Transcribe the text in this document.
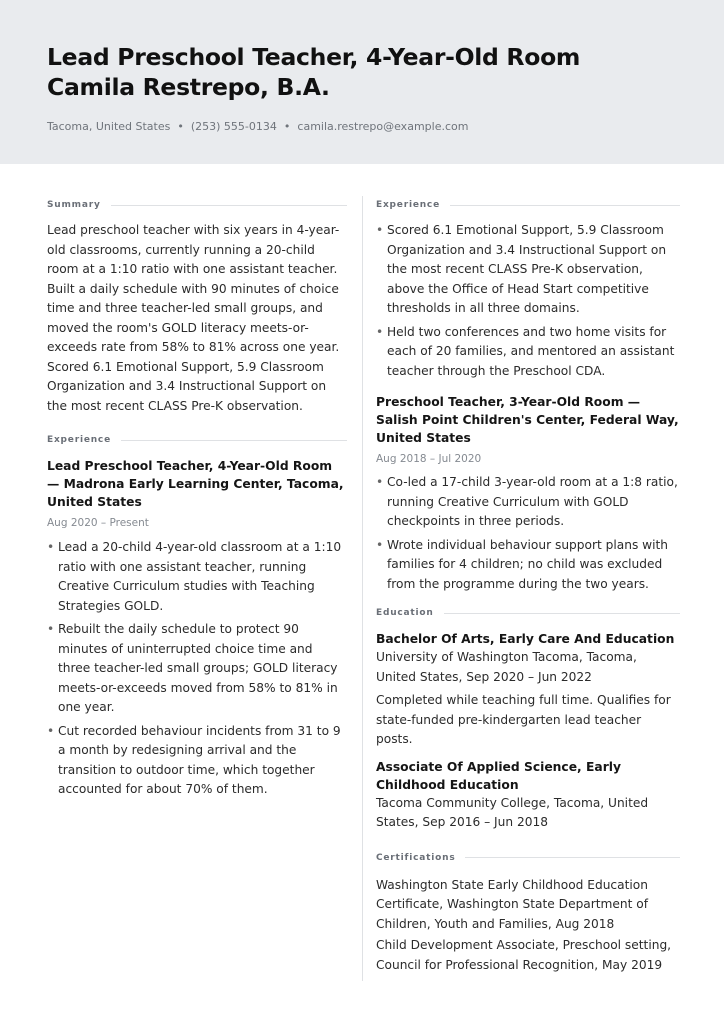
Lead Preschool Teacher, 4-Year-Old Room
Camila Restrepo, B.A.
Tacoma, United States • (253) 555-0134 • camila.restrepo@example.com
Summary
Lead preschool teacher with six years in 4-year-old classrooms, currently running a 20-child room at a 1:10 ratio with one assistant teacher. Built a daily schedule with 90 minutes of choice time and three teacher-led small groups, and moved the room's GOLD literacy meets-or-exceeds rate from 58% to 81% across one year. Scored 6.1 Emotional Support, 5.9 Classroom Organization and 3.4 Instructional Support on the most recent CLASS Pre-K observation.
Experience
Lead Preschool Teacher, 4-Year-Old Room — Madrona Early Learning Center, Tacoma, United States
Aug 2020 – Present
• Lead a 20-child 4-year-old classroom at a 1:10 ratio with one assistant teacher, running Creative Curriculum studies with Teaching Strategies GOLD.
• Rebuilt the daily schedule to protect 90 minutes of uninterrupted choice time and three teacher-led small groups; GOLD literacy meets-or-exceeds moved from 58% to 81% in one year.
• Cut recorded behaviour incidents from 31 to 9 a month by redesigning arrival and the transition to outdoor time, which together accounted for about 70% of them.
Experience
• Scored 6.1 Emotional Support, 5.9 Classroom Organization and 3.4 Instructional Support on the most recent CLASS Pre-K observation, above the Office of Head Start competitive thresholds in all three domains.
• Held two conferences and two home visits for each of 20 families, and mentored an assistant teacher through the Preschool CDA.
Preschool Teacher, 3-Year-Old Room — Salish Point Children's Center, Federal Way, United States
Aug 2018 – Jul 2020
• Co-led a 17-child 3-year-old room at a 1:8 ratio, running Creative Curriculum with GOLD checkpoints in three periods.
• Wrote individual behaviour support plans with families for 4 children; no child was excluded from the programme during the two years.
Education
Bachelor Of Arts, Early Care And Education
University of Washington Tacoma, Tacoma, United States, Sep 2020 – Jun 2022
Completed while teaching full time. Qualifies for state-funded pre-kindergarten lead teacher posts.
Associate Of Applied Science, Early Childhood Education
Tacoma Community College, Tacoma, United States, Sep 2016 – Jun 2018
Certifications
Washington State Early Childhood Education Certificate, Washington State Department of Children, Youth and Families, Aug 2018
Child Development Associate, Preschool setting, Council for Professional Recognition, May 2019
